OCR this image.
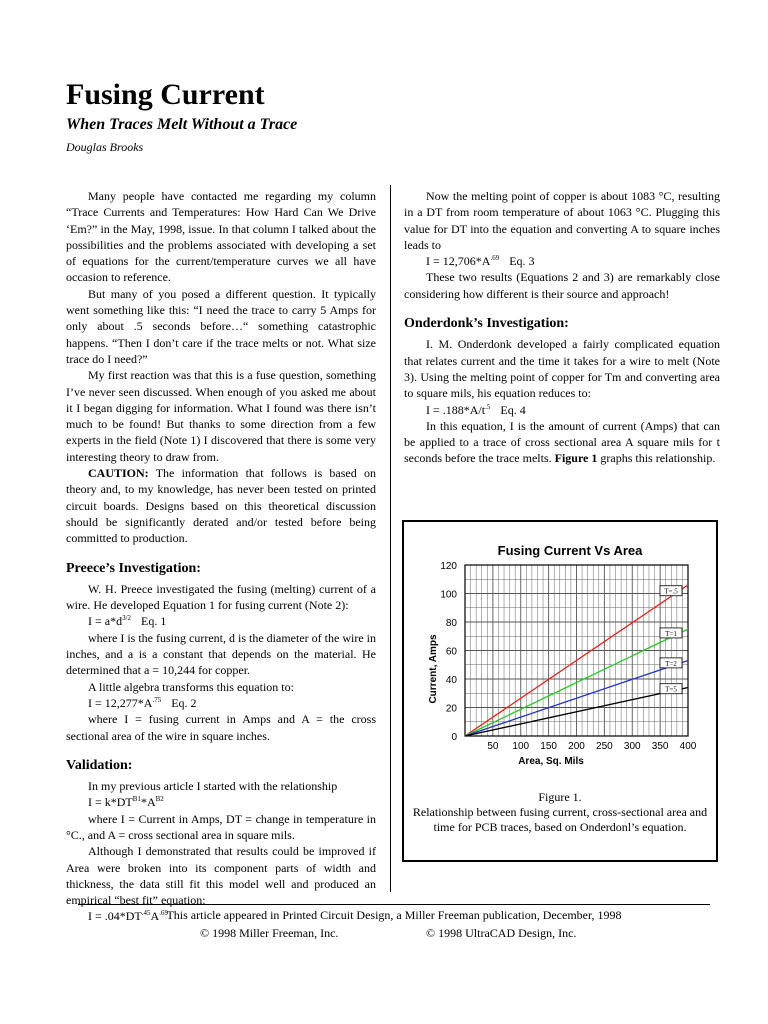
Fusing Current
When Traces Melt Without a Trace
Douglas Brooks

Many people have contacted me regarding my column “Trace Currents and Temperatures: How Hard Can We Drive ‘Em?” in the May, 1998, issue. In that column I talked about the possibilities and the problems associated with developing a set of equations for the current/temperature curves we all have occasion to reference.

But many of you posed a different question. It typically went something like this: “I need the trace to carry 5 Amps for only about .5 seconds before…“ something catastrophic happens. “Then I don’t care if the trace melts or not. What size trace do I need?”

My first reaction was that this is a fuse question, something I’ve never seen discussed. When enough of you asked me about it I began digging for information. What I found was there isn’t much to be found! But thanks to some direction from a few experts in the field (Note 1) I discovered that there is some very interesting theory to draw from.

CAUTION: The information that follows is based on theory and, to my knowledge, has never been tested on printed circuit boards. Designs based on this theoretical discussion should be significantly derated and/or tested before being committed to production.

Preece’s Investigation:

W. H. Preece investigated the fusing (melting) current of a wire. He developed Equation 1 for fusing current (Note 2):

$I = a*d^{3/2}$ Eq. 1

where I is the fusing current, d is the diameter of the wire in inches, and a is a constant that depends on the material. He determined that a = 10,244 for copper.

A little algebra transforms this equation to:

$I = 12,277*A^{.75}$ Eq. 2

where I = fusing current in Amps and A = the cross sectional area of the wire in square inches.

Validation:

In my previous article I started with the relationship

$I = k*DT^{B1}*A^{B2}$

where I = Current in Amps, DT = change in temperature in °C., and A = cross sectional area in square mils.

Although I demonstrated that results could be improved if Area were broken into its component parts of width and thickness, the data still fit this model well and produced an empirical “best fit” equation:

$I = .04*DT^{.45}A^{.69}$

Now the melting point of copper is about 1083 °C, resulting in a DT from room temperature of about 1063 °C. Plugging this value for DT into the equation and converting A to square inches leads to

$I = 12,706*A^{.69}$ Eq. 3

These two results (Equations 2 and 3) are remarkably close considering how different is their source and approach!

Onderdonk’s Investigation:

I. M. Onderdonk developed a fairly complicated equation that relates current and the time it takes for a wire to melt (Note 3). Using the melting point of copper for Tm and converting area to square mils, his equation reduces to:

$I = .188*A/t^{.5}$ Eq. 4

In this equation, I is the amount of current (Amps) that can be applied to a trace of cross sectional area A square mils for t seconds before the trace melts. Figure 1 graphs this relationship.

Fusing Current Vs Area
0
20
40
60
80
100
120
50 100 150 200 250 300 350 400
T=.5
T=1
T=2
T=5
Area, Sq. Mils
Current, Amps
Figure 1.
Relationship between fusing current, cross-sectional area and time for PCB traces, based on Onderdonl’s equation.
This article appeared in Printed Circuit Design, a Miller Freeman publication, December, 1998
© 1998 Miller Freeman, Inc.	© 1998 UltraCAD Design, Inc.
